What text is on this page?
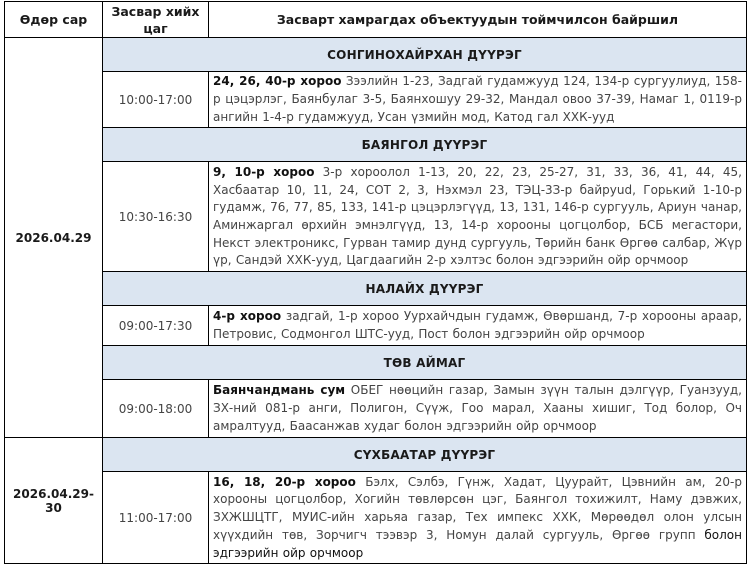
Өдөр сар	Засвар хийх цаг	Засварт хамрагдах объектуудын тоймчилсон байршил
2026.04.29	СОНГИНОХАЙРХАН ДҮҮРЭГ	
	10:00-17:00	24, 26, 40-р хороо Зээлийн 1-23, Задгай гудамжууд 124, 134-р сургуулиуд, 158-р цэцэрлэг, Баянбулаг 3-5, Баянхошуу 29-32, Мандал овоо 37-39, Намаг 1, 0119-р ангийн 1-4-р гудамжууд, Усан үзмийн мод, Катод гал ХХК-ууд
	БАЯНГОЛ ДҮҮРЭГ	
	10:30-16:30	9, 10-р хороо 3-р хороолол 1-13, 20, 22, 23, 25-27, 31, 33, 36, 41, 44, 45, Хасбаатар 10, 11, 24, СОТ 2, 3, Нэхмэл 23, ТЭЦ-3З-р байруud, Горький 1-10-р гудамж, 76, 77, 85, 133, 141-р цэцэрлэгүүд, 13, 131, 146-р сургууль, Ариун чанар, Аминжаргал өрхийн эмнэлгүүд, 13, 14-р хорооны цогцолбор, БСБ мегастори, Некст электроникс, Гурван тамир дунд сургууль, Төрийн банк Өргөө салбар, Жүр үр, Сандэй ХХК-ууд, Цагдаагийн 2-р хэлтэс болон эдгээрийн ойр орчмоор
	НАЛАЙХ ДҮҮРЭГ	
	09:00-17:30	4-р хороо задгай, 1-р хороо Уурхайчдын гудамж, Өвөршанд, 7-р хорооны араар, Петровис, Содмонгол ШТС-ууд, Пост болон эдгээрийн ойр орчмоор
	ТӨВ АЙМАГ	
	09:00-18:00	Баянчандмань сум ОБЕГ нөөцийн газар, Замын зүүн талын дэлгүүр, Гуанзууд, ЗХ-ний 081-р анги, Полигон, Сүүж, Гоо марал, Хааны хишиг, Тод болор, Оч амралтууд, Баасанжав худаг болон эдгээрийн ойр орчмоор
2026.04.29-30	СҮХБААТАР ДҮҮРЭГ	
	11:00-17:00	16, 18, 20-р хороо Бэлх, Сэлбэ, Гүнж, Хадат, Цуурайт, Цэвнийн ам, 20-р хорооны цогцолбор, Хогийн төвлөрсөн цэг, Баянгол тохижилт, Наму дэвжих, ЗХЖШЦТГ, МУИС-ийн харьяа газар, Тех импекс ХХК, Мөрөөдөл олон улсын хүүхдийн төв, Зорчигч тээвэр 3, Номун далай сургууль, Өргөө групп болон эдгээрийн ойр орчмоор
